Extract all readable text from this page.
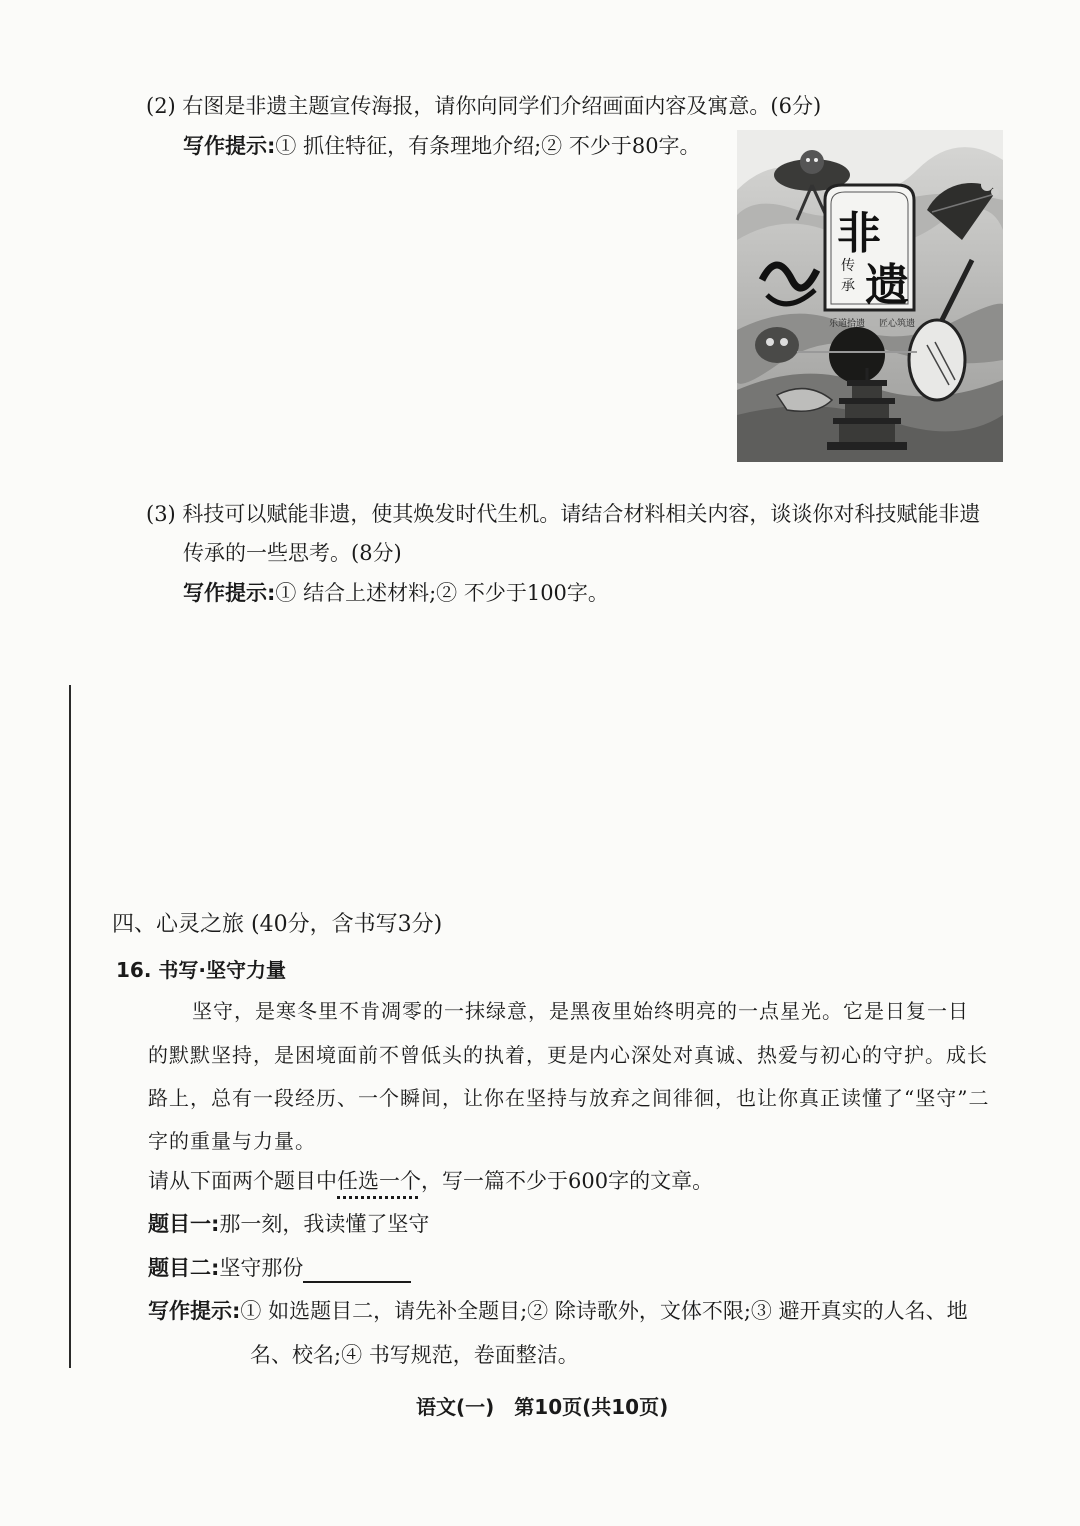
(2) 右图是非遗主题宣传海报，请你向同学们介绍画面内容及寓意。(6分)
写作提示:① 抓住特征，有条理地介绍;② 不少于80字。
乐道拾遗 匠心筑遗
非
遗
传
承
(3) 科技可以赋能非遗，使其焕发时代生机。请结合材料相关内容，谈谈你对科技赋能非遗
传承的一些思考。(8分)
写作提示:① 结合上述材料;② 不少于100字。
四、心灵之旅 (40分，含书写3分)
16. 书写·坚守力量
坚守，是寒冬里不肯凋零的一抹绿意，是黑夜里始终明亮的一点星光。它是日复一日
的默默坚持，是困境面前不曾低头的执着，更是内心深处对真诚、热爱与初心的守护。成长
路上，总有一段经历、一个瞬间，让你在坚持与放弃之间徘徊，也让你真正读懂了“坚守”二
字的重量与力量。
请从下面两个题目中任选一个，写一篇不少于600字的文章。
题目一:那一刻，我读懂了坚守
题目二:坚守那份
写作提示:① 如选题目二，请先补全题目;② 除诗歌外，文体不限;③ 避开真实的人名、地
名、校名;④ 书写规范，卷面整洁。
语文(一)　第10页(共10页)
